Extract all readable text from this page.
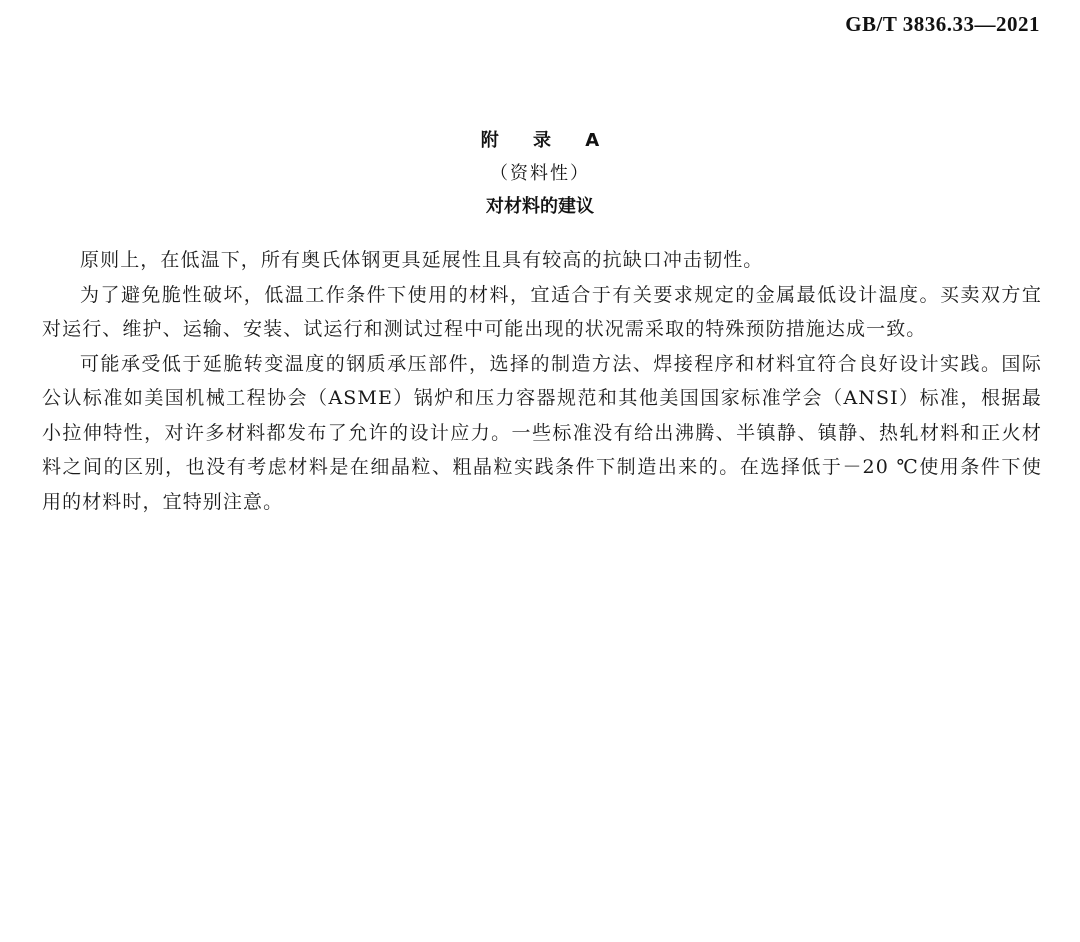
GB/T 3836.33—2021
附 录 A
（资料性）
对材料的建议

原则上，在低温下，所有奥氏体钢更具延展性且具有较高的抗缺口冲击韧性。

为了避免脆性破坏，低温工作条件下使用的材料，宜适合于有关要求规定的金属最低设计温度。买卖双方宜对运行、维护、运输、安装、试运行和测试过程中可能出现的状况需采取的特殊预防措施达成一致。

可能承受低于延脆转变温度的钢质承压部件，选择的制造方法、焊接程序和材料宜符合良好设计实践。国际公认标准如美国机械工程协会（ASME）锅炉和压力容器规范和其他美国国家标准学会（ANSI）标准，根据最小拉伸特性，对许多材料都发布了允许的设计应力。一些标准没有给出沸腾、半镇静、镇静、热轧材料和正火材料之间的区别，也没有考虑材料是在细晶粒、粗晶粒实践条件下制造出来的。在选择低于－20 ℃使用条件下使用的材料时，宜特别注意。
